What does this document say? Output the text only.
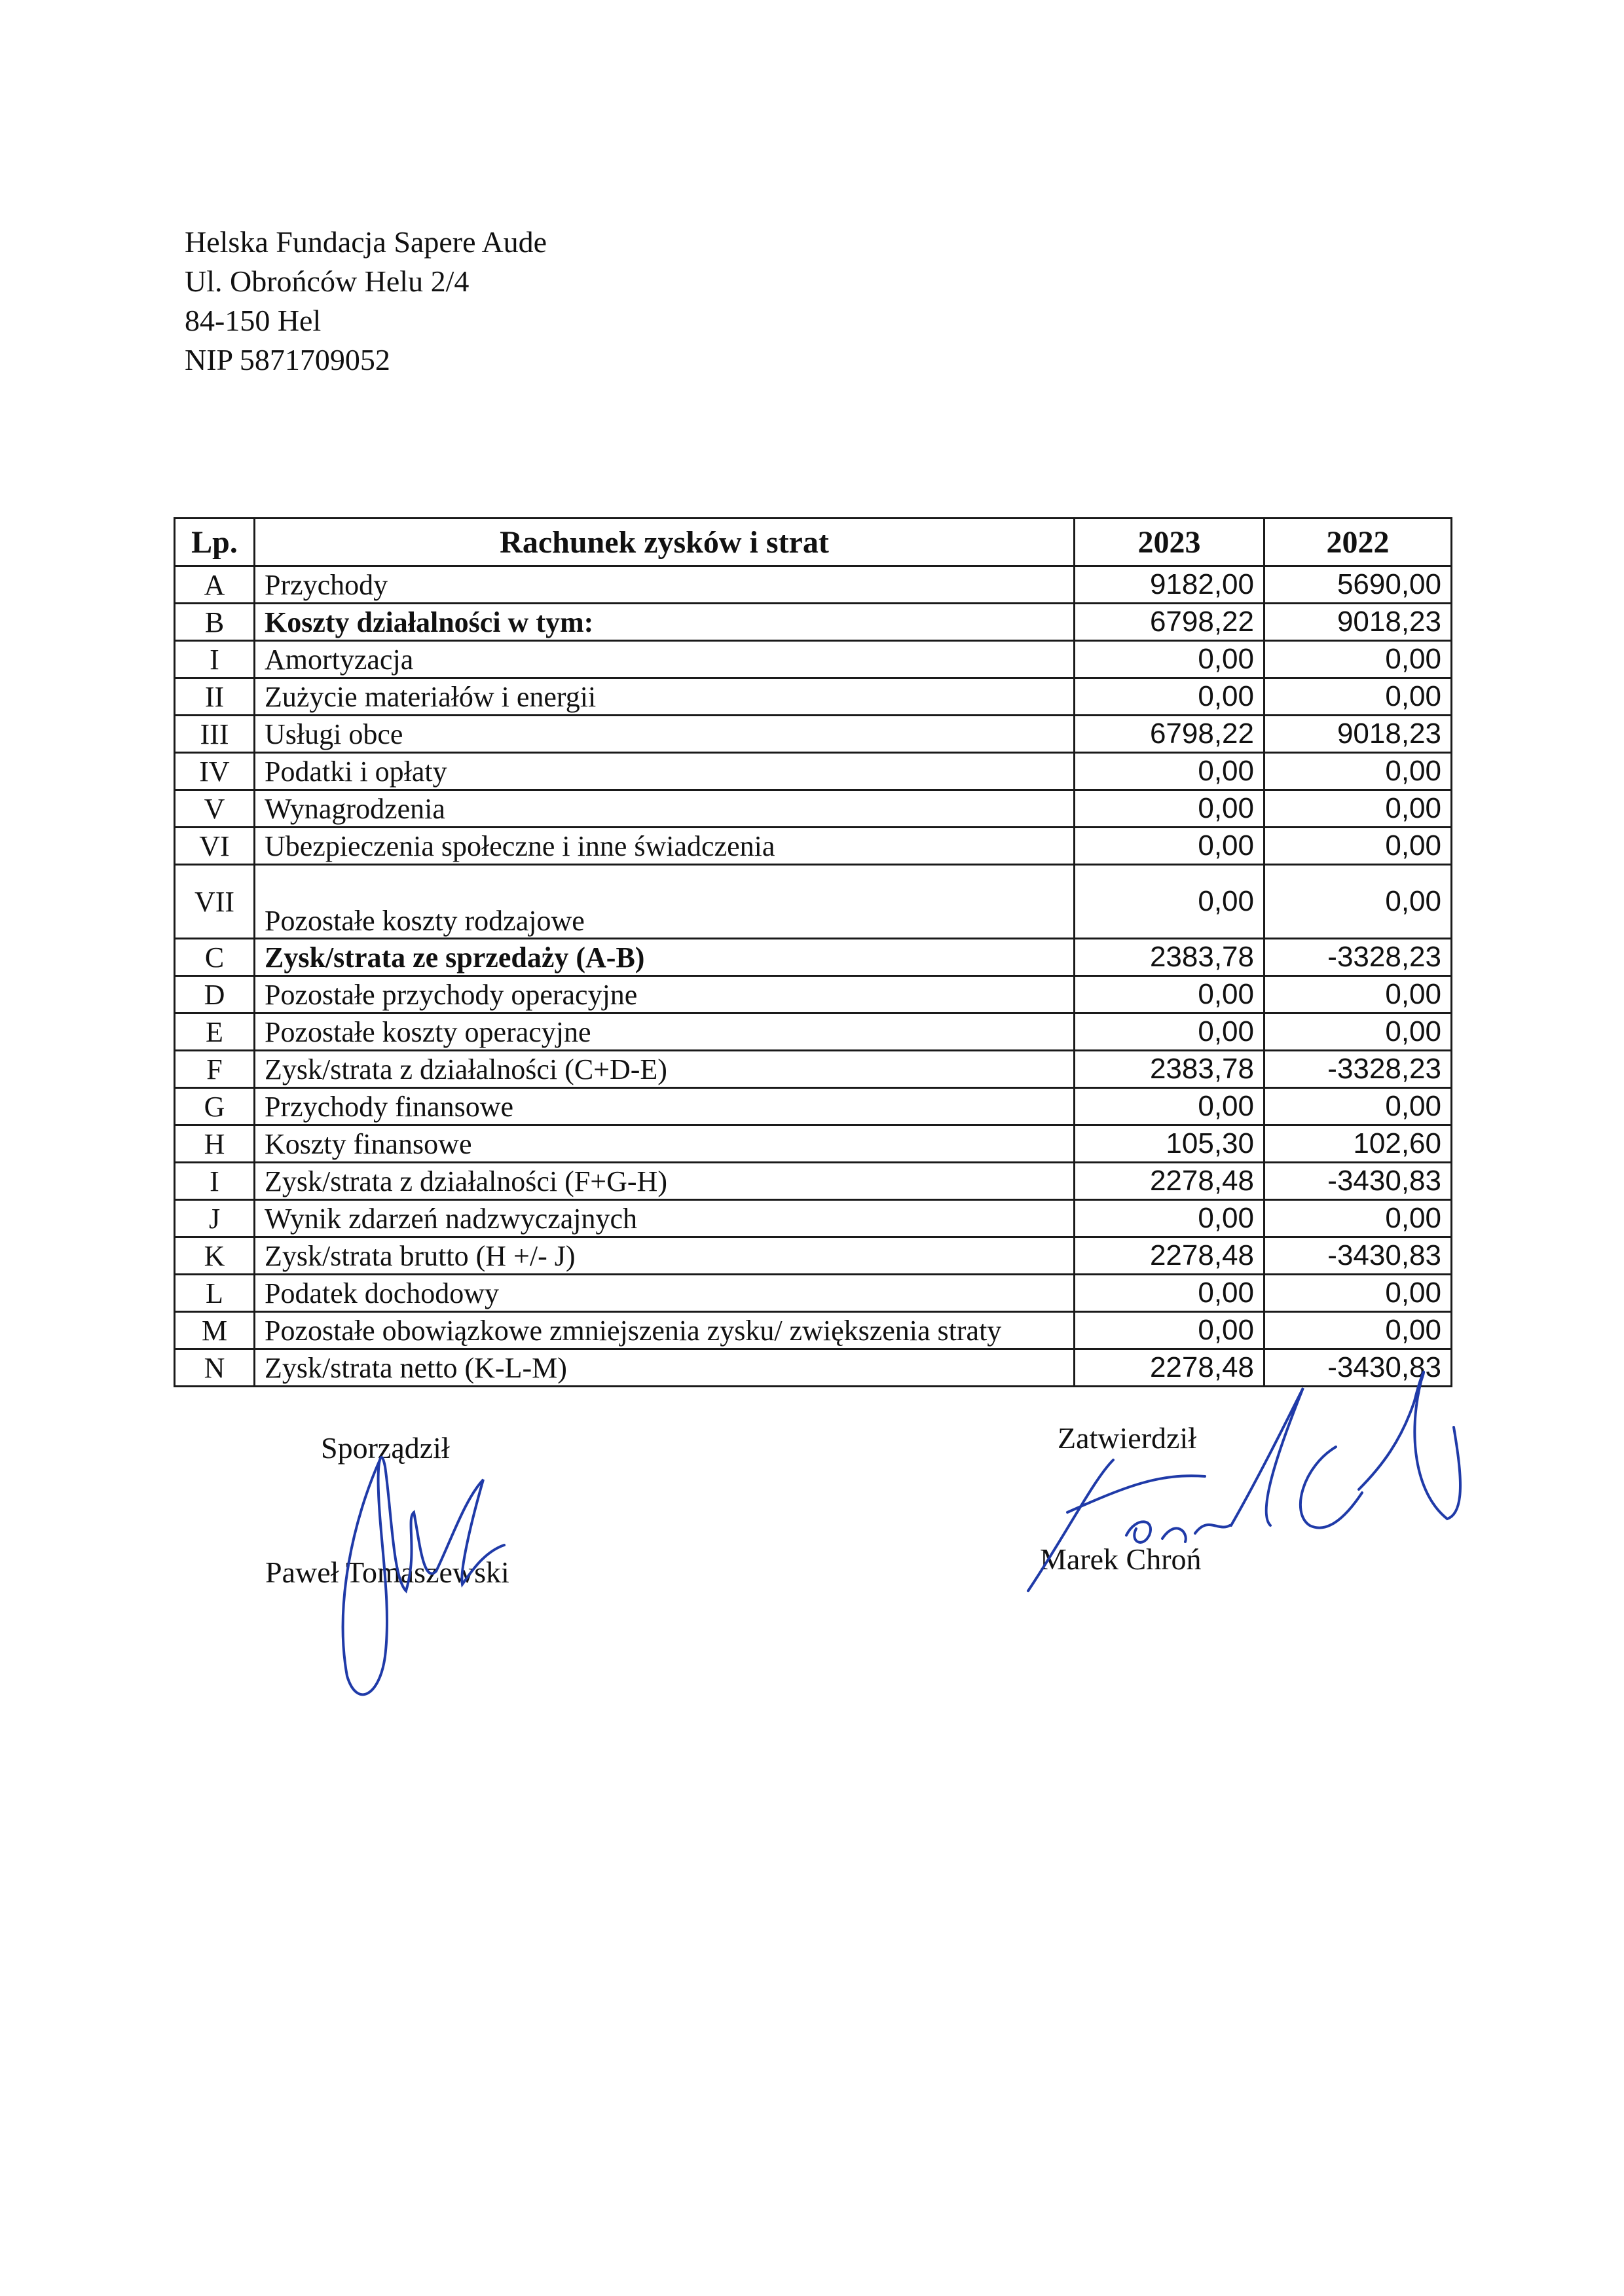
Helska Fundacja Sapere Aude
Ul. Obrońców Helu 2/4
84-150 Hel
NIP 5871709052
Lp.	Rachunek zysków i strat	2023	2022
A	Przychody	9182,00	5690,00
B	Koszty działalności w tym:	6798,22	9018,23
I	Amortyzacja	0,00	0,00
II	Zużycie materiałów i energii	0,00	0,00
III	Usługi obce	6798,22	9018,23
IV	Podatki i opłaty	0,00	0,00
V	Wynagrodzenia	0,00	0,00
VI	Ubezpieczenia społeczne i inne świadczenia	0,00	0,00
VII	Pozostałe koszty rodzajowe	0,00	0,00
C	Zysk/strata ze sprzedaży (A-B)	2383,78	-3328,23
D	Pozostałe przychody operacyjne	0,00	0,00
E	Pozostałe koszty operacyjne	0,00	0,00
F	Zysk/strata z działalności (C+D-E)	2383,78	-3328,23
G	Przychody finansowe	0,00	0,00
H	Koszty finansowe	105,30	102,60
I	Zysk/strata z działalności (F+G-H)	2278,48	-3430,83
J	Wynik zdarzeń nadzwyczajnych	0,00	0,00
K	Zysk/strata brutto (H +/- J)	2278,48	-3430,83
L	Podatek dochodowy	0,00	0,00
M	Pozostałe obowiązkowe zmniejszenia zysku/ zwiększenia straty	0,00	0,00
N	Zysk/strata netto (K-L-M)	2278,48	-3430,83
Sporządził
Paweł Tomaszewski
Zatwierdził
Marek Chroń
